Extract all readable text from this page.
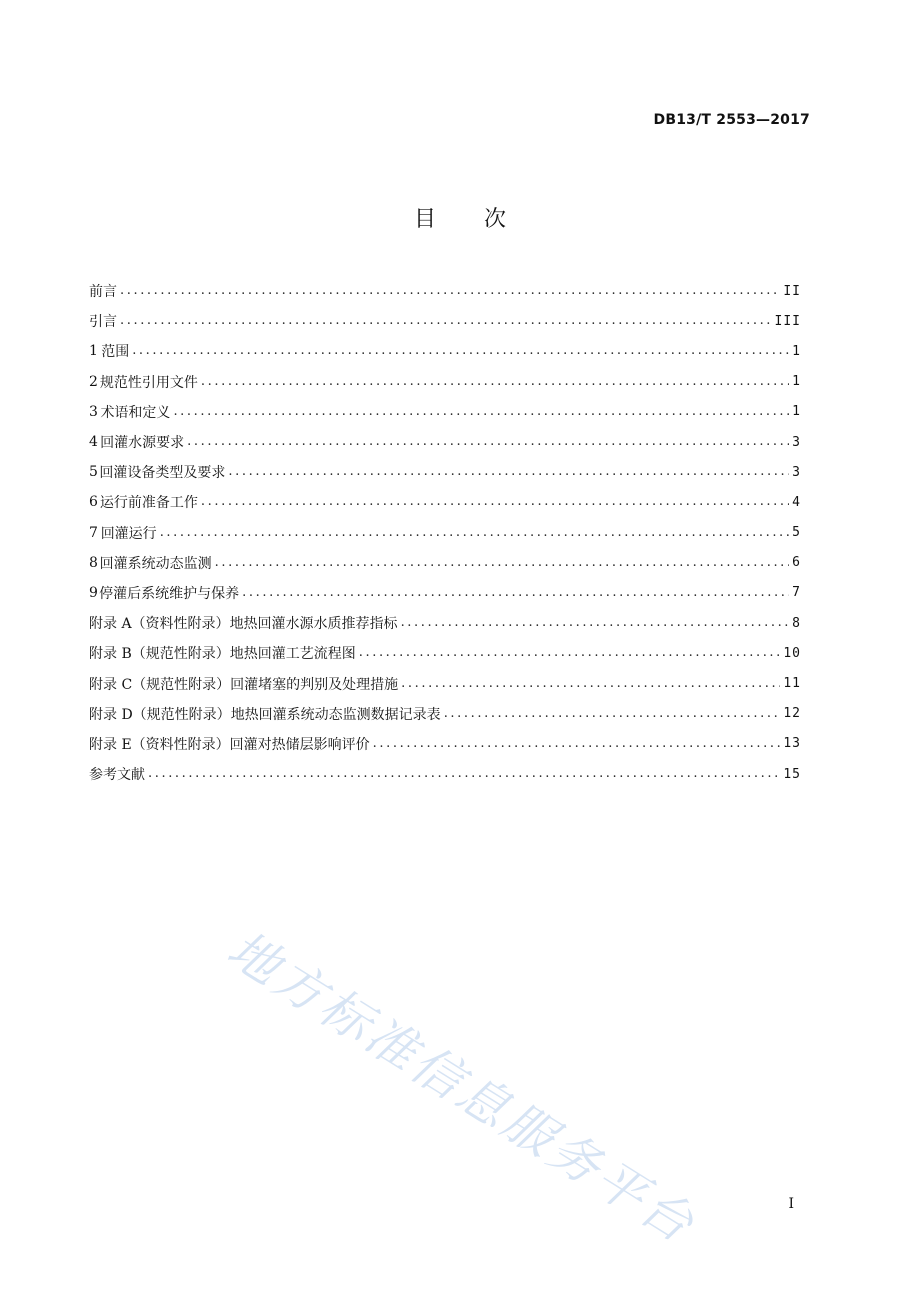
DB13/T 2553—2017
目 次
前言 .....	II
引言 .....	III
1 范围 .....	1
2 规范性引用文件 .....	1
3 术语和定义 .....	1
4 回灌水源要求 .....	3
5 回灌设备类型及要求 .....	3
6 运行前准备工作 .....	4
7 回灌运行 .....	5
8 回灌系统动态监测 .....	6
9 停灌后系统维护与保养 .....	7
附录 A（资料性附录） 地热回灌水源水质推荐指标 .....	8
附录 B（规范性附录） 地热回灌工艺流程图 .....	10
附录 C（规范性附录） 回灌堵塞的判别及处理措施 .....	11
附录 D（规范性附录） 地热回灌系统动态监测数据记录表 .....	12
附录 E（资料性附录） 回灌对热储层影响评价 .....	13
参考文献 .....	15
地方标准信息服务平台	I
